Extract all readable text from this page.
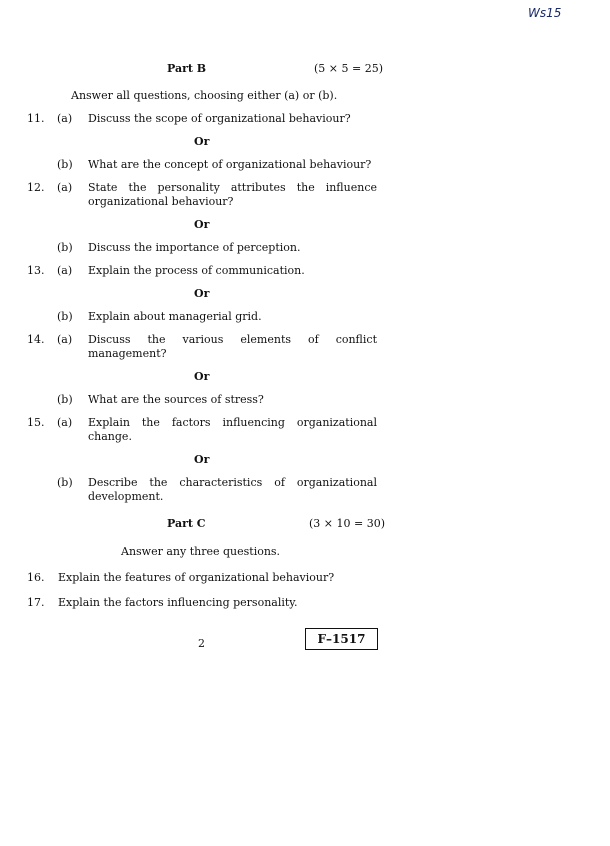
Ws15
Part B	(5 × 5 = 25)
Answer all questions, choosing either (a) or (b).
11. (a) Discuss the scope of organizational behaviour?
Or
(b) What are the concept of organizational behaviour?
12. (a) State the personality attributes the influence organizational behaviour?
Or
(b) Discuss the importance of perception.
13. (a) Explain the process of communication.
Or
(b) Explain about managerial grid.
14. (a) Discuss the various elements of conflict management?
Or
(b) What are the sources of stress?
15. (a) Explain the factors influencing organizational change.
Or
(b) Describe the characteristics of organizational development.
Part C	(3 × 10 = 30)
Answer any three questions.
16. Explain the features of organizational behaviour?
17. Explain the factors influencing personality.
2	F–1517
